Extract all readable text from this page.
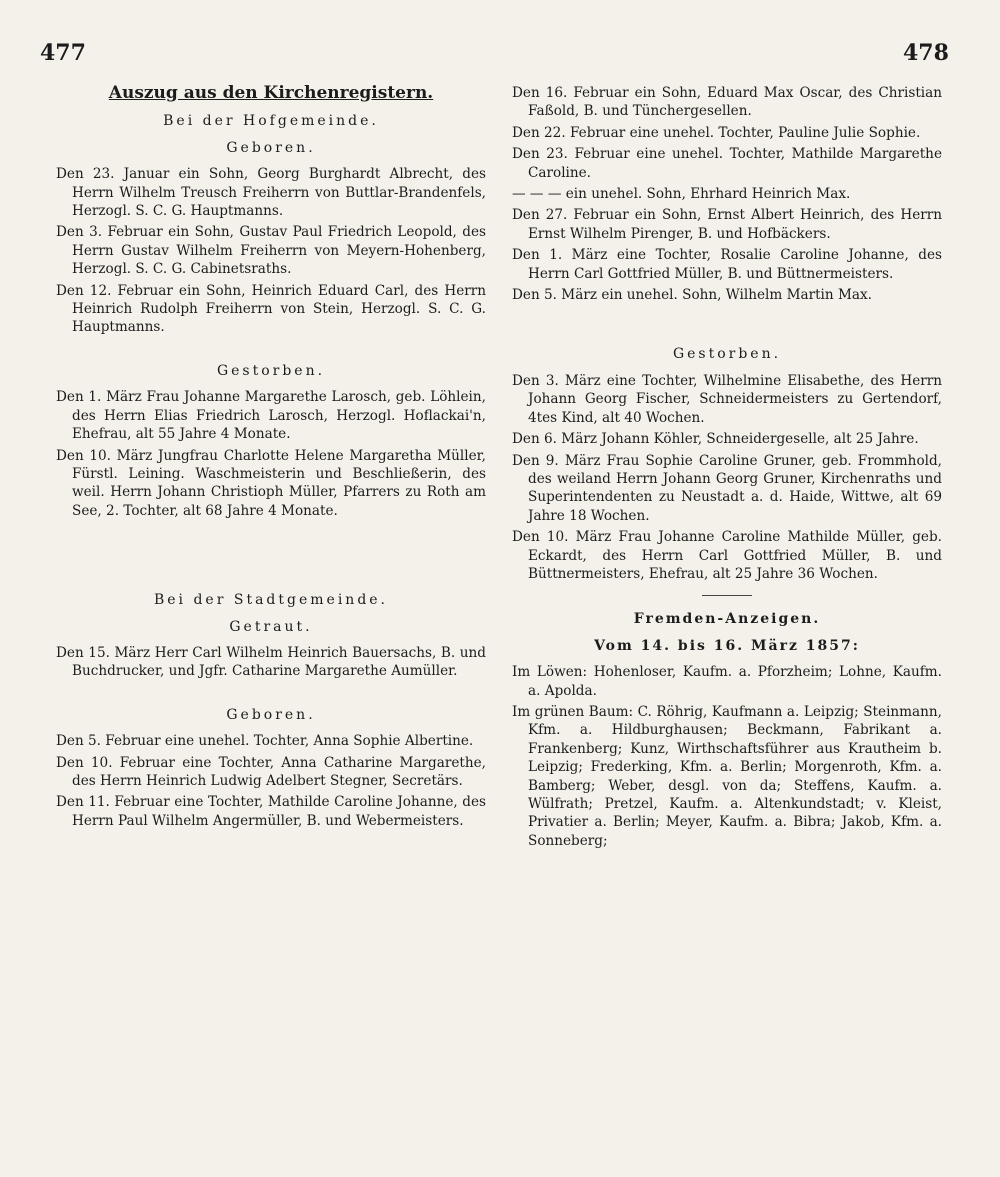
477	478
Auszug aus den Kirchenregistern.
Bei der Hofgemeinde.
Geboren.

Den 23. Januar ein Sohn, Georg Burghardt Albrecht, des Herrn Wilhelm Treusch Freiherrn von Buttlar-Brandenfels, Herzogl. S. C. G. Hauptmanns.

Den 3. Februar ein Sohn, Gustav Paul Friedrich Leopold, des Herrn Gustav Wilhelm Freiherrn von Meyern-Hohenberg, Herzogl. S. C. G. Cabinetsraths.

Den 12. Februar ein Sohn, Heinrich Eduard Carl, des Herrn Heinrich Rudolph Freiherrn von Stein, Herzogl. S. C. G. Hauptmanns.

Gestorben.

Den 1. März Frau Johanne Margarethe Larosch, geb. Löhlein, des Herrn Elias Friedrich Larosch, Herzogl. Hoflackai'n, Ehefrau, alt 55 Jahre 4 Monate.

Den 10. März Jungfrau Charlotte Helene Margaretha Müller, Fürstl. Leining. Waschmeisterin und Beschließerin, des weil. Herrn Johann Christioph Müller, Pfarrers zu Roth am See, 2. Tochter, alt 68 Jahre 4 Monate.

Bei der Stadtgemeinde.
Getraut.

Den 15. März Herr Carl Wilhelm Heinrich Bauersachs, B. und Buchdrucker, und Jgfr. Catharine Margarethe Aumüller.

Geboren.

Den 5. Februar eine unehel. Tochter, Anna Sophie Albertine.

Den 10. Februar eine Tochter, Anna Catharine Margarethe, des Herrn Heinrich Ludwig Adelbert Stegner, Secretärs.

Den 11. Februar eine Tochter, Mathilde Caroline Johanne, des Herrn Paul Wilhelm Angermüller, B. und Webermeisters.

Den 16. Februar ein Sohn, Eduard Max Oscar, des Christian Faßold, B. und Tünchergesellen.

Den 22. Februar eine unehel. Tochter, Pauline Julie Sophie.

Den 23. Februar eine unehel. Tochter, Mathilde Margarethe Caroline.

— — — ein unehel. Sohn, Ehrhard Heinrich Max.

Den 27. Februar ein Sohn, Ernst Albert Heinrich, des Herrn Ernst Wilhelm Pirenger, B. und Hofbäckers.

Den 1. März eine Tochter, Rosalie Caroline Johanne, des Herrn Carl Gottfried Müller, B. und Büttnermeisters.

Den 5. März ein unehel. Sohn, Wilhelm Martin Max.

Gestorben.

Den 3. März eine Tochter, Wilhelmine Elisabethe, des Herrn Johann Georg Fischer, Schneidermeisters zu Gertendorf, 4tes Kind, alt 40 Wochen.

Den 6. März Johann Köhler, Schneidergeselle, alt 25 Jahre.

Den 9. März Frau Sophie Caroline Gruner, geb. Frommhold, des weiland Herrn Johann Georg Gruner, Kirchenraths und Superintendenten zu Neustadt a. d. Haide, Wittwe, alt 69 Jahre 18 Wochen.

Den 10. März Frau Johanne Caroline Mathilde Müller, geb. Eckardt, des Herrn Carl Gottfried Müller, B. und Büttnermeisters, Ehefrau, alt 25 Jahre 36 Wochen.

Fremden-Anzeigen.
Vom 14. bis 16. März 1857:

Im Löwen: Hohenloser, Kaufm. a. Pforzheim; Lohne, Kaufm. a. Apolda.

Im grünen Baum: C. Röhrig, Kaufmann a. Leipzig; Steinmann, Kfm. a. Hildburghausen; Beckmann, Fabrikant a. Frankenberg; Kunz, Wirthschaftsführer aus Krautheim b. Leipzig; Frederking, Kfm. a. Berlin; Morgenroth, Kfm. a. Bamberg; Weber, desgl. von da; Steffens, Kaufm. a. Wülfrath; Pretzel, Kaufm. a. Altenkundstadt; v. Kleist, Privatier a. Berlin; Meyer, Kaufm. a. Bibra; Jakob, Kfm. a. Sonneberg;
